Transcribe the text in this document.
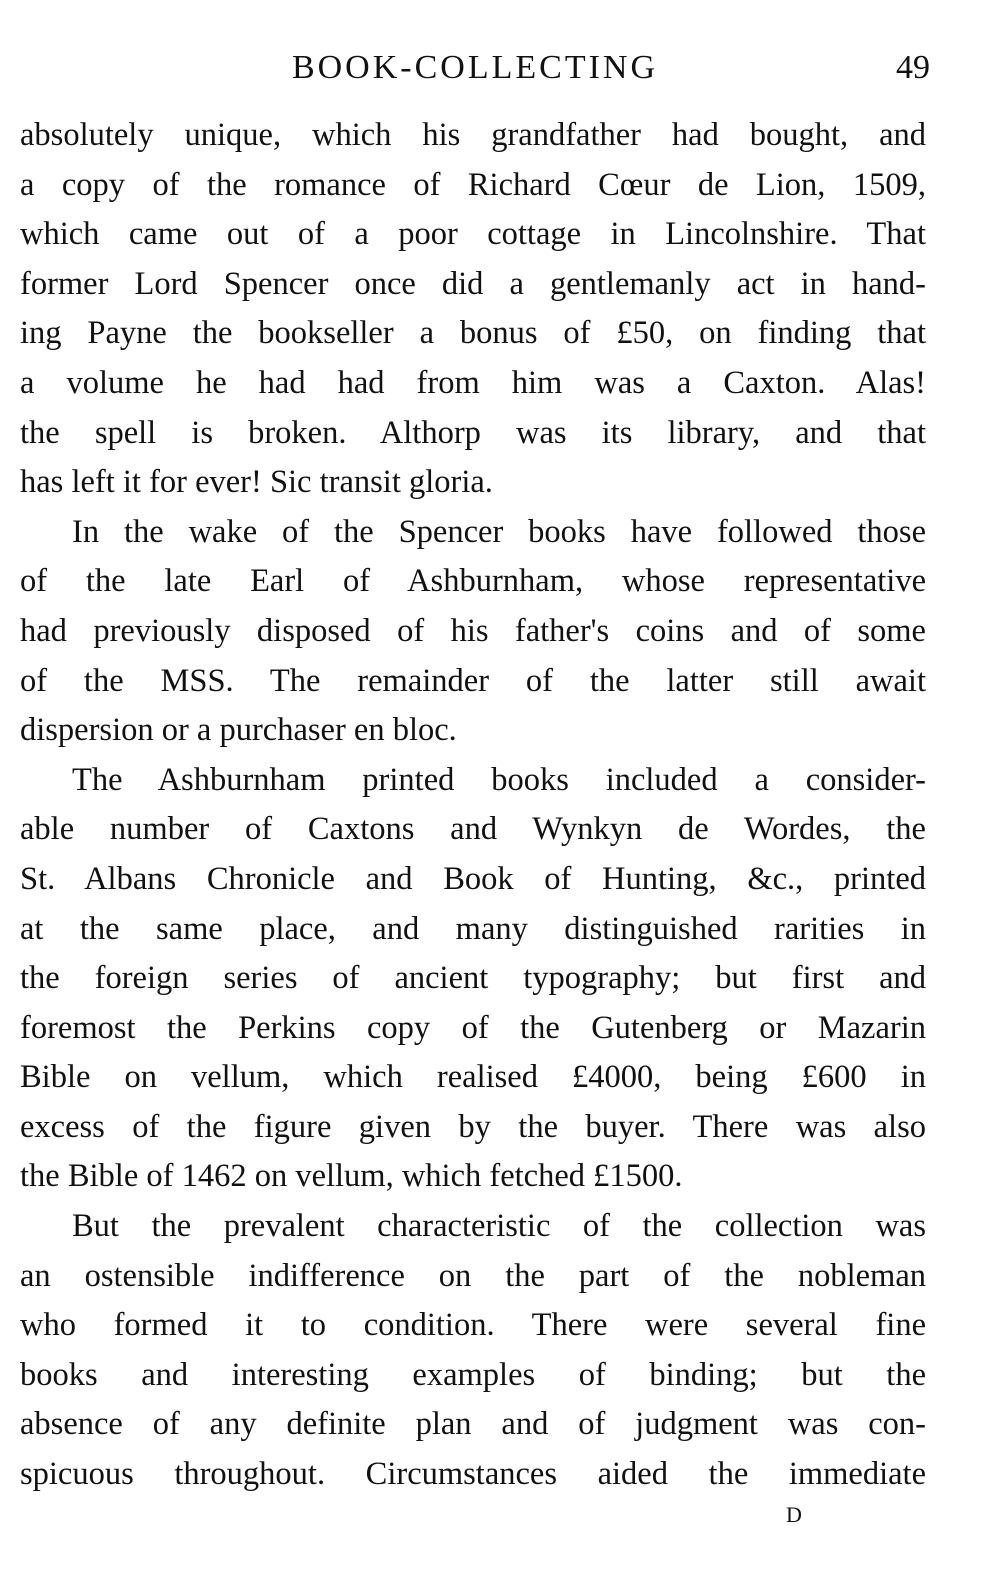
BOOK-COLLECTING	49

absolutely unique, which his grandfather had bought, and
a copy of the romance of Richard Cœur de Lion, 1509,
which came out of a poor cottage in Lincolnshire. That
former Lord Spencer once did a gentlemanly act in hand-
ing Payne the bookseller a bonus of £50, on finding that
a volume he had had from him was a Caxton. Alas!
the spell is broken. Althorp was its library, and that
has left it for ever! Sic transit gloria.

In the wake of the Spencer books have followed those
of the late Earl of Ashburnham, whose representative
had previously disposed of his father's coins and of some
of the MSS. The remainder of the latter still await
dispersion or a purchaser en bloc.

The Ashburnham printed books included a consider-
able number of Caxtons and Wynkyn de Wordes, the
St. Albans Chronicle and Book of Hunting, &c., printed
at the same place, and many distinguished rarities in
the foreign series of ancient typography; but first and
foremost the Perkins copy of the Gutenberg or Mazarin
Bible on vellum, which realised £4000, being £600 in
excess of the figure given by the buyer. There was also
the Bible of 1462 on vellum, which fetched £1500.

But the prevalent characteristic of the collection was
an ostensible indifference on the part of the nobleman
who formed it to condition. There were several fine
books and interesting examples of binding; but the
absence of any definite plan and of judgment was con-
spicuous throughout. Circumstances aided the immediate

D
